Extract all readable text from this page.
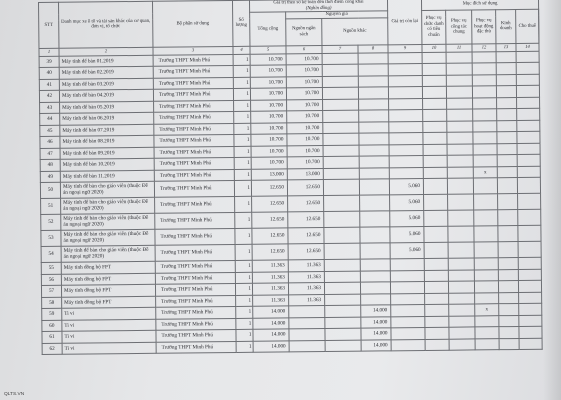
STT	Danh mục xe ô tô và tài sản khác của cơ quan, đơn vị, tổ chức	Bộ phận sử dụng	Số lượng	Giá trị theo số kế toán đến thời điểm công khai
(Nghìn đồng)				Giá trị còn lại	Mục đích sử dụng					
				Tổng cộng	Nguyên giá				Phục vụ chức danh có tiêu chuẩn	Phục vụ công tác chung	Phục vụ hoạt động đặc thù	Kinh doanh	Cho thuê	
					Nguồn ngân sách	Nguồn khác								
1	2	3	4	5	6	7	8	9	10	11	12	13	14	
39	Máy tính để bàn 01.2019	Trường THPT Minh Phú	1	10.700	10.700									
40	Máy tính để bàn 02.2019	Trường THPT Minh Phú	1	10.700	10.700									
41	Máy tính để bàn 03.2019	Trường THPT Minh Phú	1	10.700	10.700									
42	Máy tính để bàn 04.2019	Trường THPT Minh Phú	1	10.700	10.700									
43	Máy tính để bàn 05.2019	Trường THPT Minh Phú	1	10.700	10.700									
44	Máy tính để bàn 06.2019	Trường THPT Minh Phú	1	10.700	10.700									
45	Máy tính để bàn 07.2019	Trường THPT Minh Phú	1	10.700	10.700									
46	Máy tính để bàn 08.2019	Trường THPT Minh Phú	1	10.700	10.700									
47	Máy tính để bàn 09.2019	Trường THPT Minh Phú	1	10.700	10.700									
48	Máy tính để bàn 10.2019	Trường THPT Minh Phú	1	10.700	10.700									
49	Máy tính để bàn 11.2019	Trường THPT Minh Phú	1	13.000	13.000						x			
50	Máy tính để bàn cho giáo viên (thuộc Đề án ngoại ngữ 2020)	Trường THPT Minh Phú	1	12.650	12.650			5.060						
51	Máy tính để bàn cho giáo viên (thuộc Đề án ngoại ngữ 2020)	Trường THPT Minh Phú	1	12.650	12.650			5.060						
52	Máy tính để bàn cho giáo viên (thuộc Đề án ngoại ngữ 2020)	Trường THPT Minh Phú	1	12.650	12.650			5.060						
53	Máy tính để bàn cho giáo viên (thuộc Đề án ngoại ngữ 2020)	Trường THPT Minh Phú	1	12.650	12.650			5.060						
54	Máy tính để bàn cho giáo viên (thuộc Đề án ngoại ngữ 2020)	Trường THPT Minh Phú	1	12.650	12.650			5.060						
55	Máy tính đồng bộ FPT	Trường THPT Minh Phú	1	11.363	11.363									
56	Máy tính đồng bộ FPT	Trường THPT Minh Phú	1	11.363	11.363									
57	Máy tính đồng bộ FPT	Trường THPT Minh Phú	1	11.363	11.363									
58	Máy tính đồng bộ FPT	Trường THPT Minh Phú	1	11.363	11.363									
59	Ti vi	Trường THPT Minh Phú	1	14.000			14.000				x			
60	Ti vi	Trường THPT Minh Phú	1	14.000			14.000							
61	Ti vi	Trường THPT Minh Phú	1	14.000			14.000							
62	Ti vi	Trường THPT Minh Phú	1	14.000			14.000							
QLTS.VN
